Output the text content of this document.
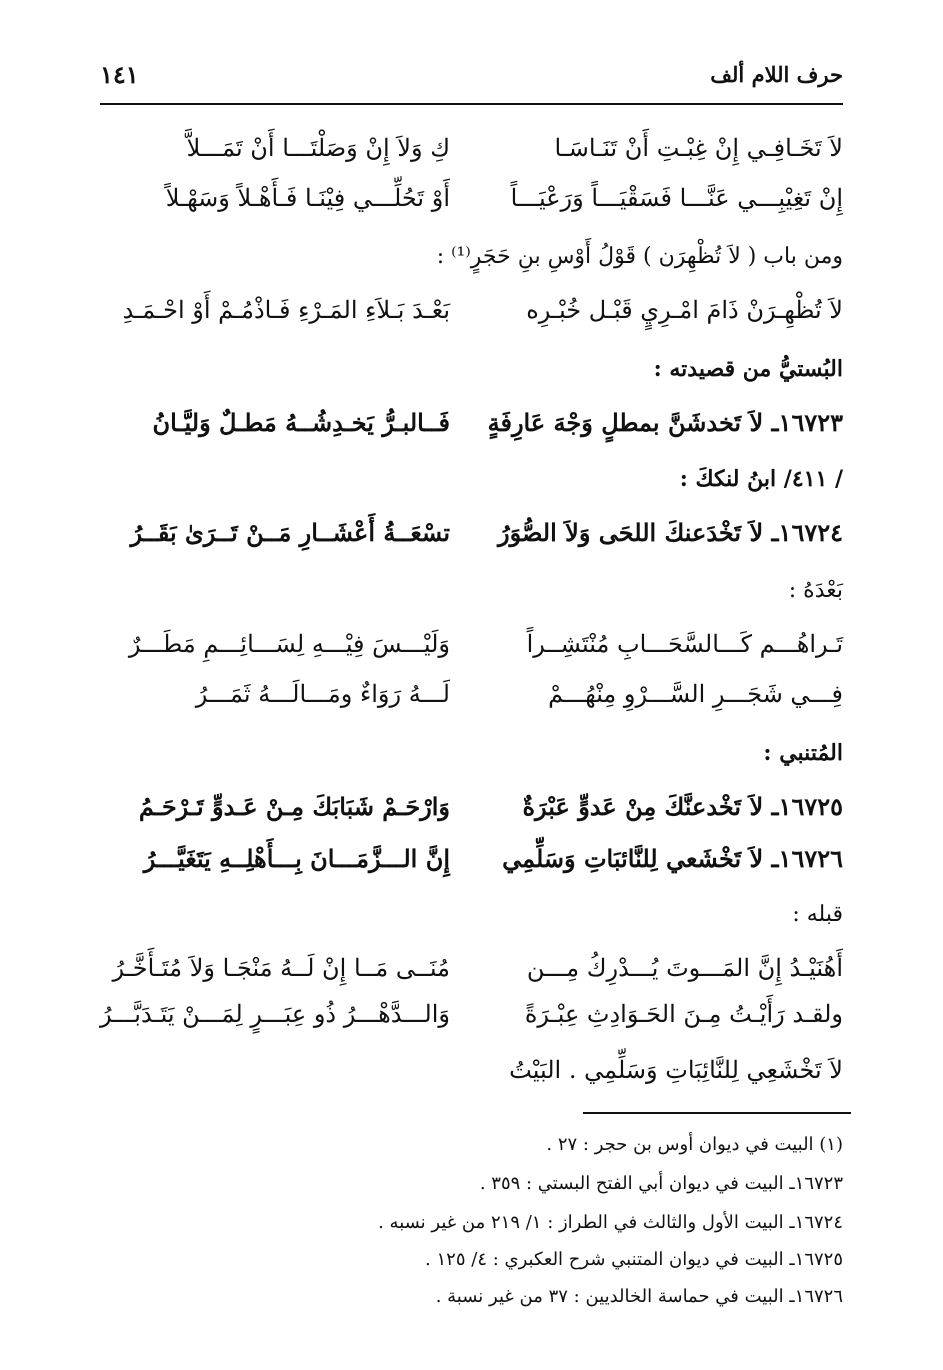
حرف اللام ألف
١٤١
لاَ تَخَـافِـي إِنْ غِبْـتِ أَنْ تَنَـاسَـا
كِ وَلاَ إِنْ وَصَلْتَـــا أَنْ تَمَـــلاَّ
إِنْ تَغِيْبِـــي عَنَّـــا فَسَقْيَـــاً وَرَعْيَـــاً
أَوْ تَحُلِّـــي فِيْنَـا فَـأَهْـلاً وَسَهْـلاً
ومن باب ( لاَ تُظْهِرَن ) قَوْلُ أَوْسِ بنِ حَجَرٍ⁽¹⁾ :
لاَ تُظْهِـرَنْ ذَامَ امْـرِيٍ قَبْـل خُبْـرِه
بَعْـدَ بَـلاَءِ المَـرْءِ فَـاذْمُـمْ أَوْ احْـمَـدِ
البُستيُّ من قصيدته :
١٦٧٢٣ـ لاَ تَخدشَنَّ بمطلٍ وَجْهَ عَارِفَةٍ
فَــالبـرُّ يَخـدِشُــهُ مَطـلٌ وَليَّـانُ
/ ٤١١/ ابنُ لنككَ :
١٦٧٢٤ـ لاَ تَخْدَعنكَ اللحَى وَلاَ الصُّوَرُ
تسْعَــةُ أَعْشَــارِ مَــنْ تَــرَىٰ بَقَــرُ
بَعْدَهُ :
تَـراهُـــم كَـــالسَّحَـــابِ مُنْتَشِــراً
وَلَيْـــسَ فِيْـــهِ لِسَـــائِـــمِ مَطَـــرٌ
فِـــي شَجَـــرِ السَّـــرْوِ مِنْهُـــمْ
لَـــهُ رَوَاءٌ ومَـــالَـــهُ ثَمَـــرُ
المُتنبي :
١٦٧٢٥ـ لاَ تَخْدعنَّكَ مِنْ عَدوٍّ عَبْرَةٌ
وَارْحَـمْ شَبَابَكَ مِـنْ عَـدوٍّ تَـرْحَـمُ
١٦٧٢٦ـ لاَ تَخْشَعي لِلنَّائبَاتِ وَسَلِّمِي
إِنَّ الـــزَّمَـــانَ بِـــأَهْلِــهِ يَتَغَيَّـــرُ
قبله :
أَهُنَيْـدُ إِنَّ المَـــوتَ يُـــدْرِكُ مِـــن
مُنَــى مَــا إِنْ لَــهُ مَنْجَـا وَلاَ مُتَـأَخَّـرُ
ولقـد رَأَيْـتُ مِـنَ الحَـوَادِثِ عِبْـرَةً
وَالـــدَّهْـــرُ ذُو عِبَـــرٍ لِمَـــنْ يَتَـدَبَّـــرُ
لاَ تَخْشَعِي لِلنَّائِبَاتِ وَسَلِّمِي . البَيْتُ
(١) البيت في ديوان أوس بن حجر : ٢٧ .
١٦٧٢٣ـ البيت في ديوان أبي الفتح البستي : ٣٥٩ .
١٦٧٢٤ـ البيت الأول والثالث في الطراز : ١/ ٢١٩ من غير نسبه .
١٦٧٢٥ـ البيت في ديوان المتنبي شرح العكبري : ٤/ ١٢٥ .
١٦٧٢٦ـ البيت في حماسة الخالديين : ٣٧ من غير نسبة .
